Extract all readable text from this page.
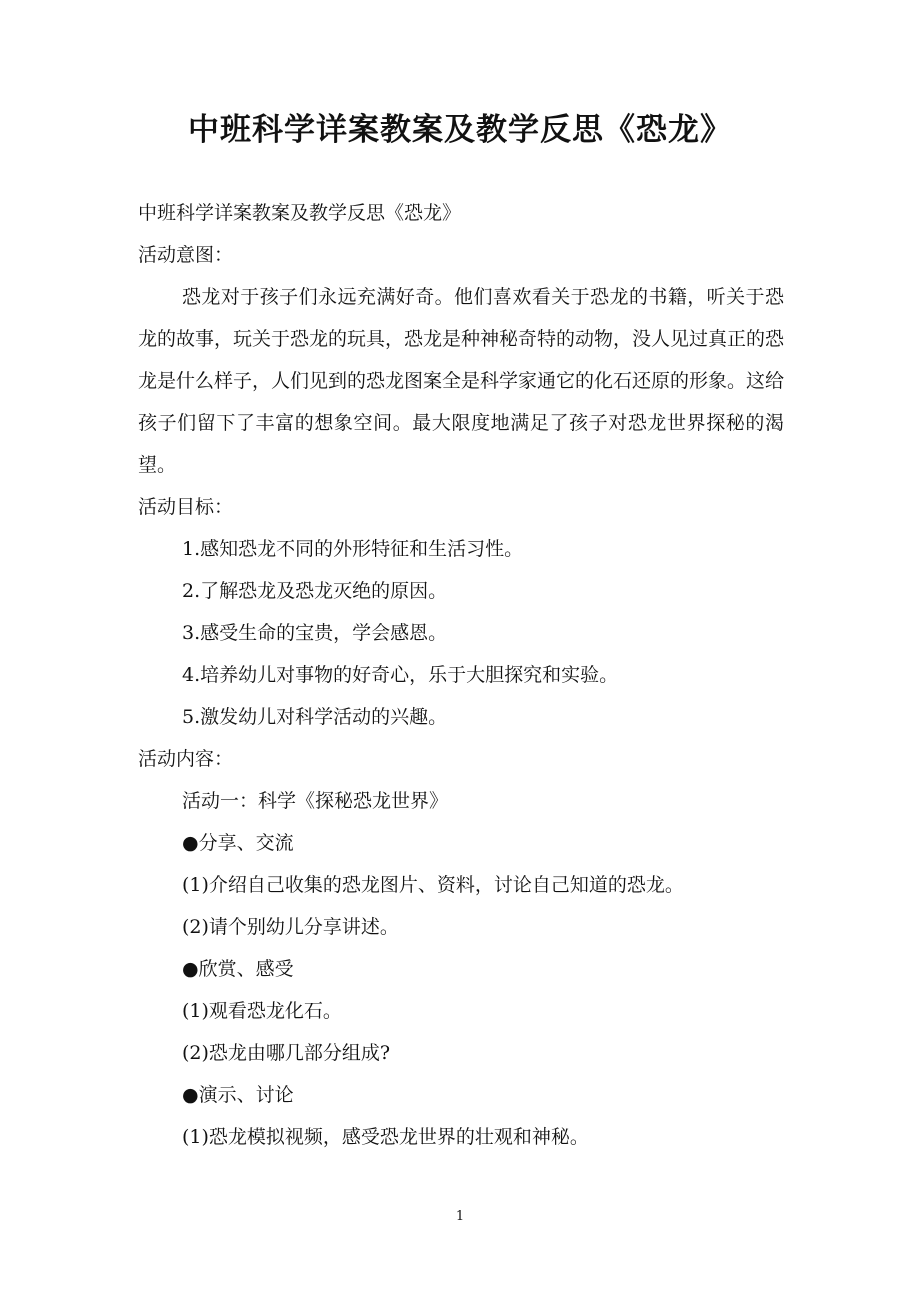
中班科学详案教案及教学反思《恐龙》
中班科学详案教案及教学反思《恐龙》
活动意图：

恐龙对于孩子们永远充满好奇。他们喜欢看关于恐龙的书籍，听关于恐龙的故事，玩关于恐龙的玩具，恐龙是种神秘奇特的动物，没人见过真正的恐龙是什么样子，人们见到的恐龙图案全是科学家通它的化石还原的形象。这给孩子们留下了丰富的想象空间。最大限度地满足了孩子对恐龙世界探秘的渴望。

活动目标：
1.感知恐龙不同的外形特征和生活习性。
2.了解恐龙及恐龙灭绝的原因。
3.感受生命的宝贵，学会感恩。
4.培养幼儿对事物的好奇心，乐于大胆探究和实验。
5.激发幼儿对科学活动的兴趣。
活动内容：
活动一：科学《探秘恐龙世界》
●分享、交流
(1)介绍自己收集的恐龙图片、资料，讨论自己知道的恐龙。
(2)请个别幼儿分享讲述。
●欣赏、感受
(1)观看恐龙化石。
(2)恐龙由哪几部分组成?
●演示、讨论
(1)恐龙模拟视频，感受恐龙世界的壮观和神秘。
1
